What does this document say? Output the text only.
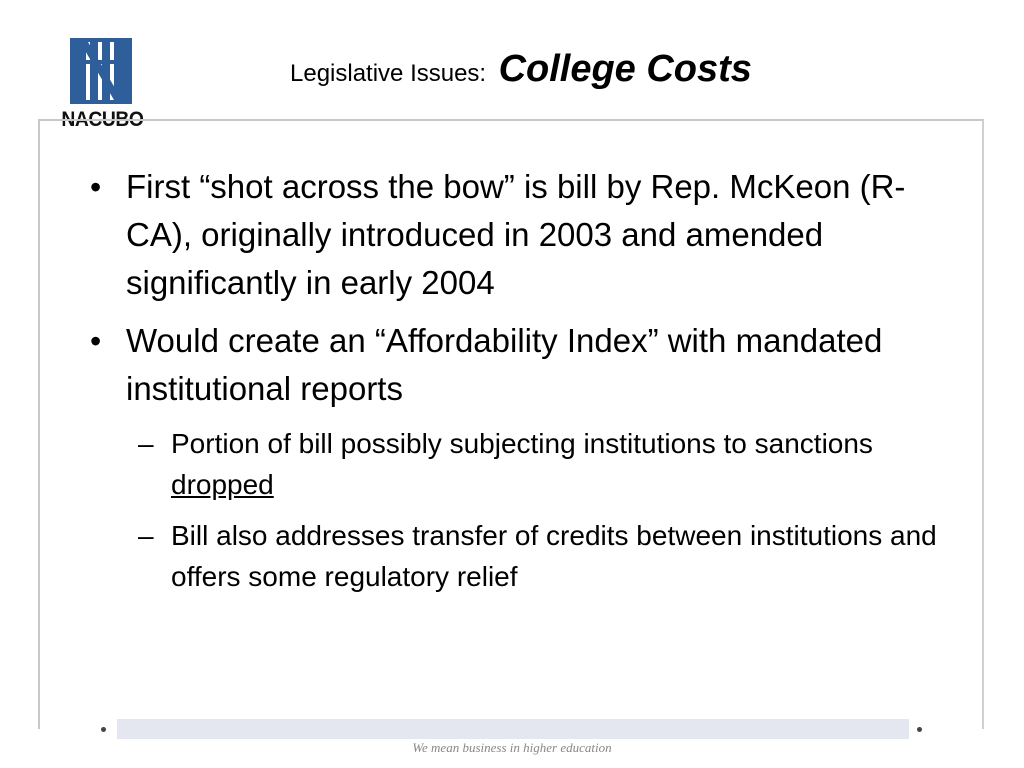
NACUBO
Legislative Issues: College Costs
• First “shot across the bow” is bill by Rep. McKeon (R-CA), originally introduced in 2003 and amended significantly in early 2004
• Would create an “Affordability Index” with mandated institutional reports
– Portion of bill possibly subjecting institutions to sanctions dropped
– Bill also addresses transfer of credits between institutions and offers some regulatory relief
We mean business in higher education
